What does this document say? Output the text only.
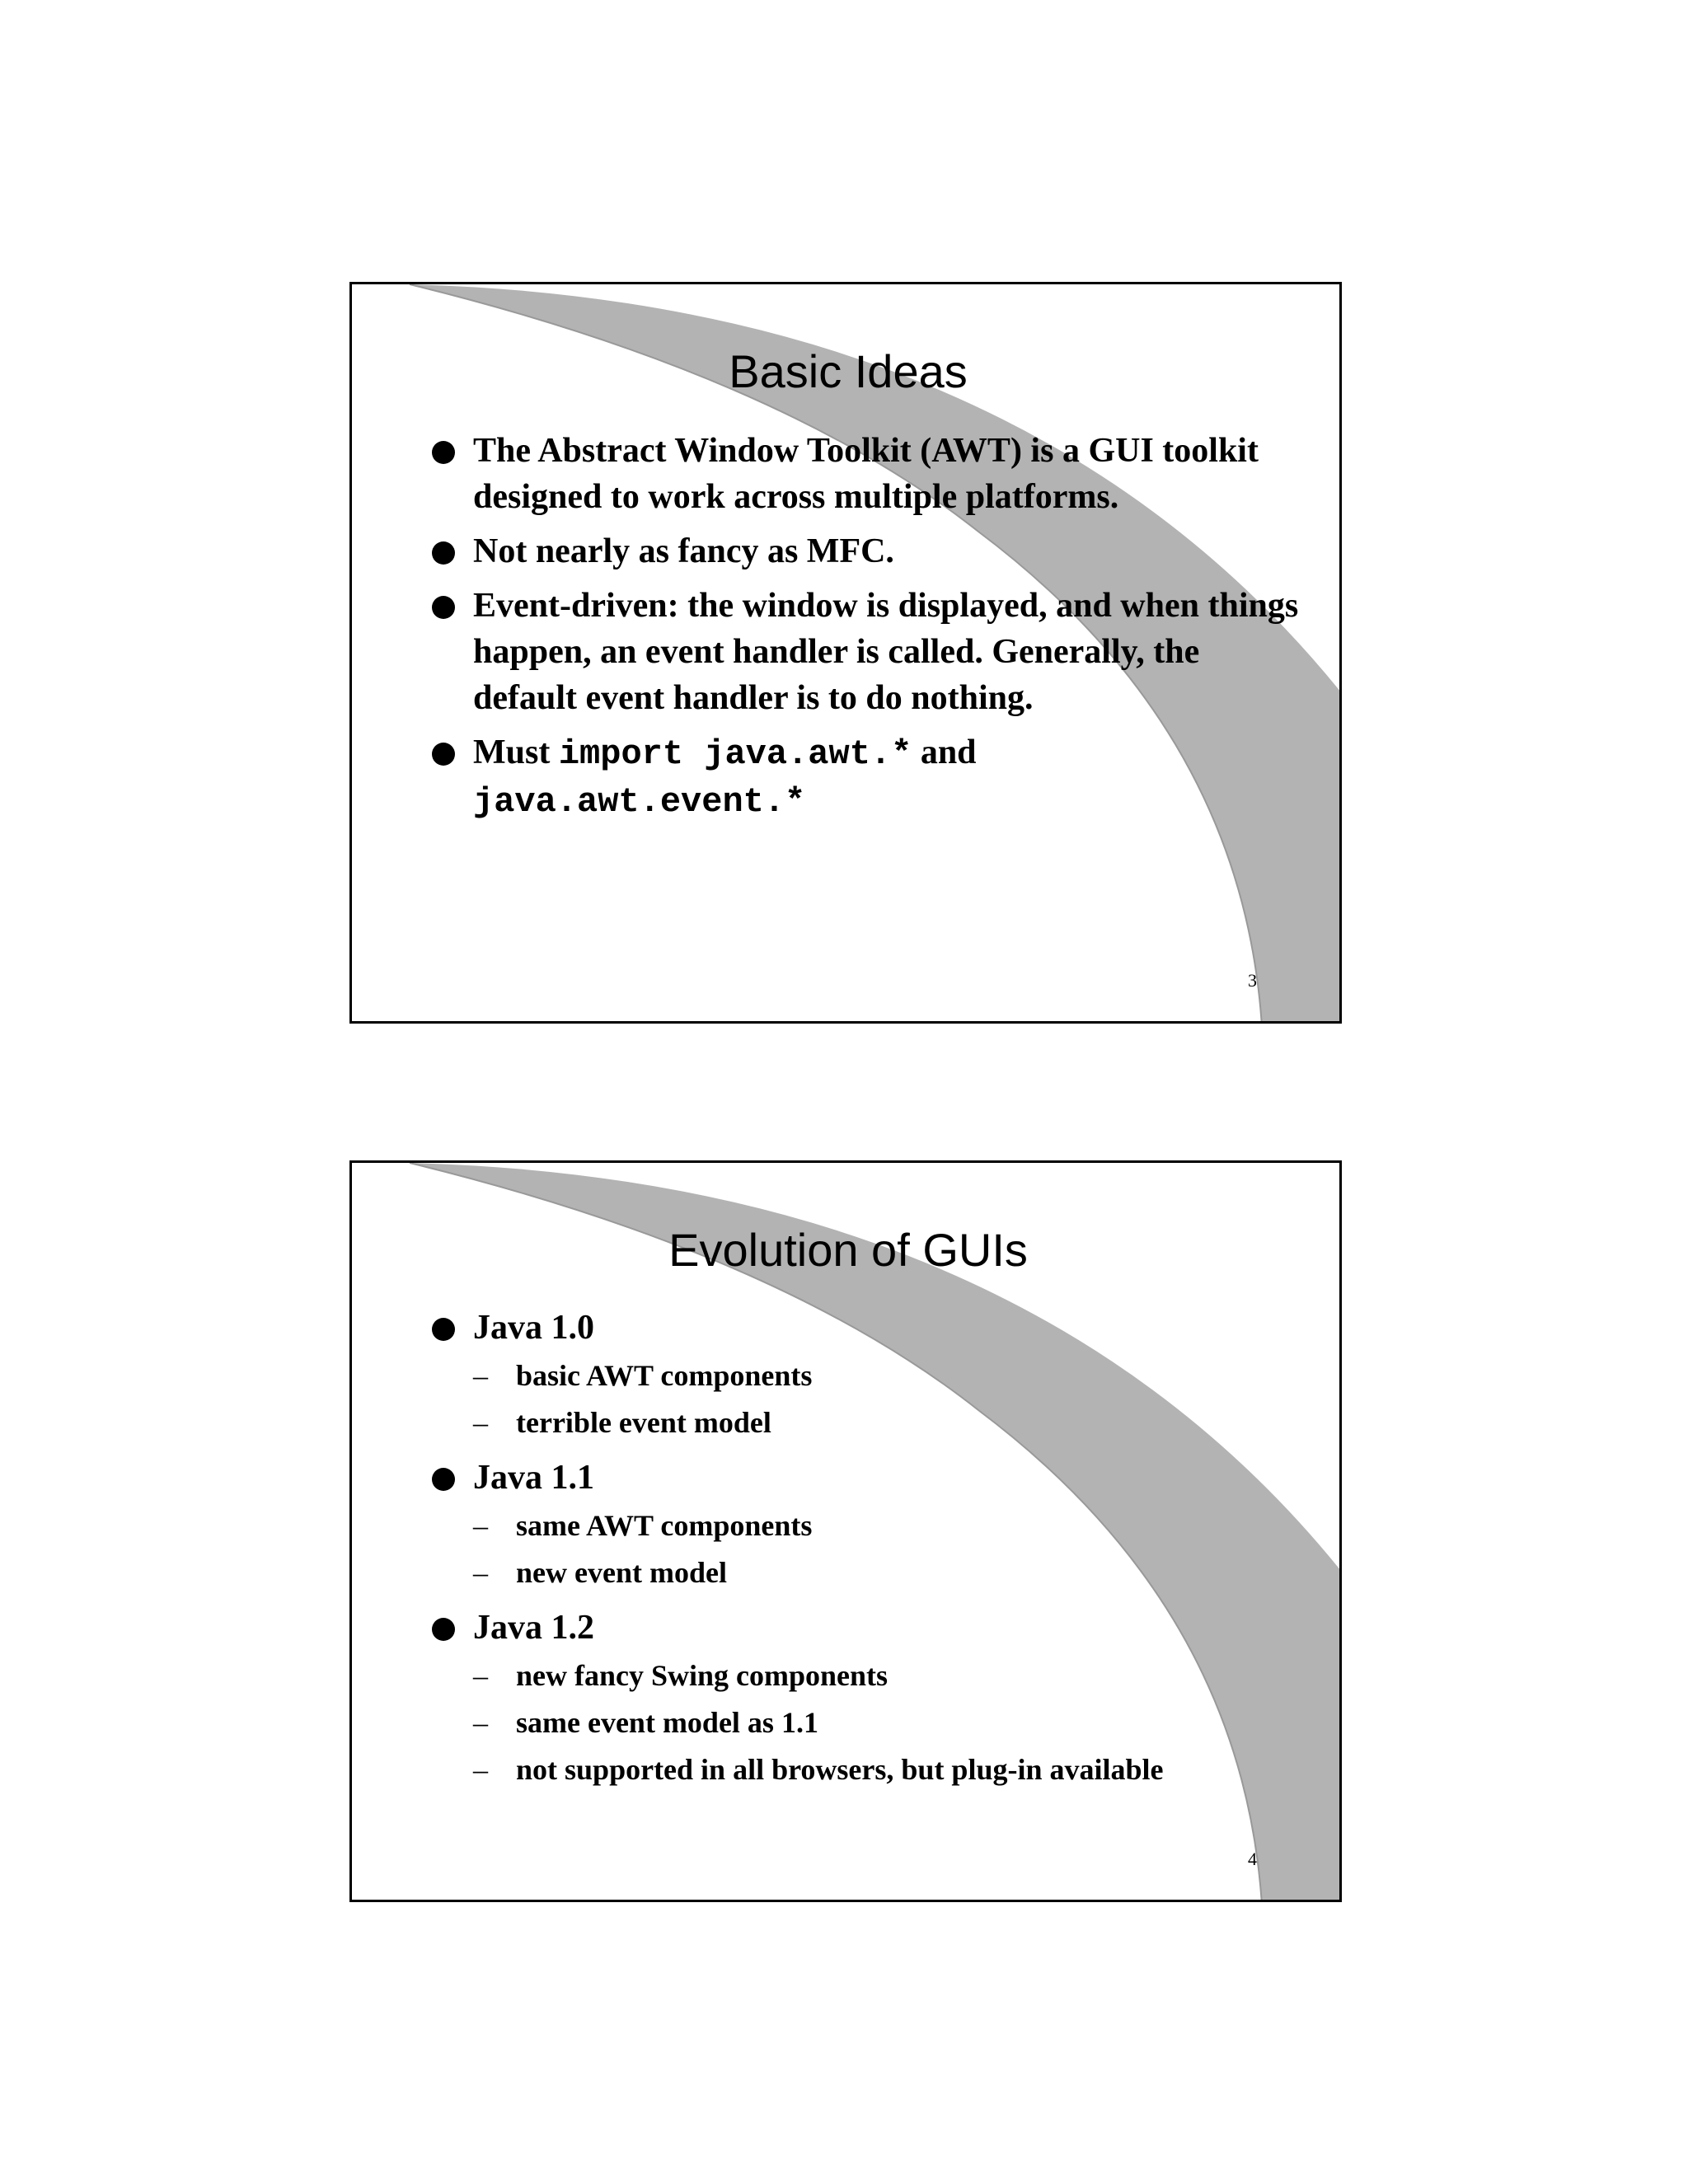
Basic Ideas
The Abstract Window Toolkit (AWT) is a GUI toolkit designed to work across multiple platforms.
Not nearly as fancy as MFC.
Event-driven: the window is displayed, and when things happen, an event handler is called. Generally, the default event handler is to do nothing.
Must import java.awt.* and
java.awt.event.*
3
Evolution of GUIs
Java 1.0
– basic AWT components
– terrible event model
Java 1.1
– same AWT components
– new event model
Java 1.2
– new fancy Swing components
– same event model as 1.1
– not supported in all browsers, but plug-in available
4
